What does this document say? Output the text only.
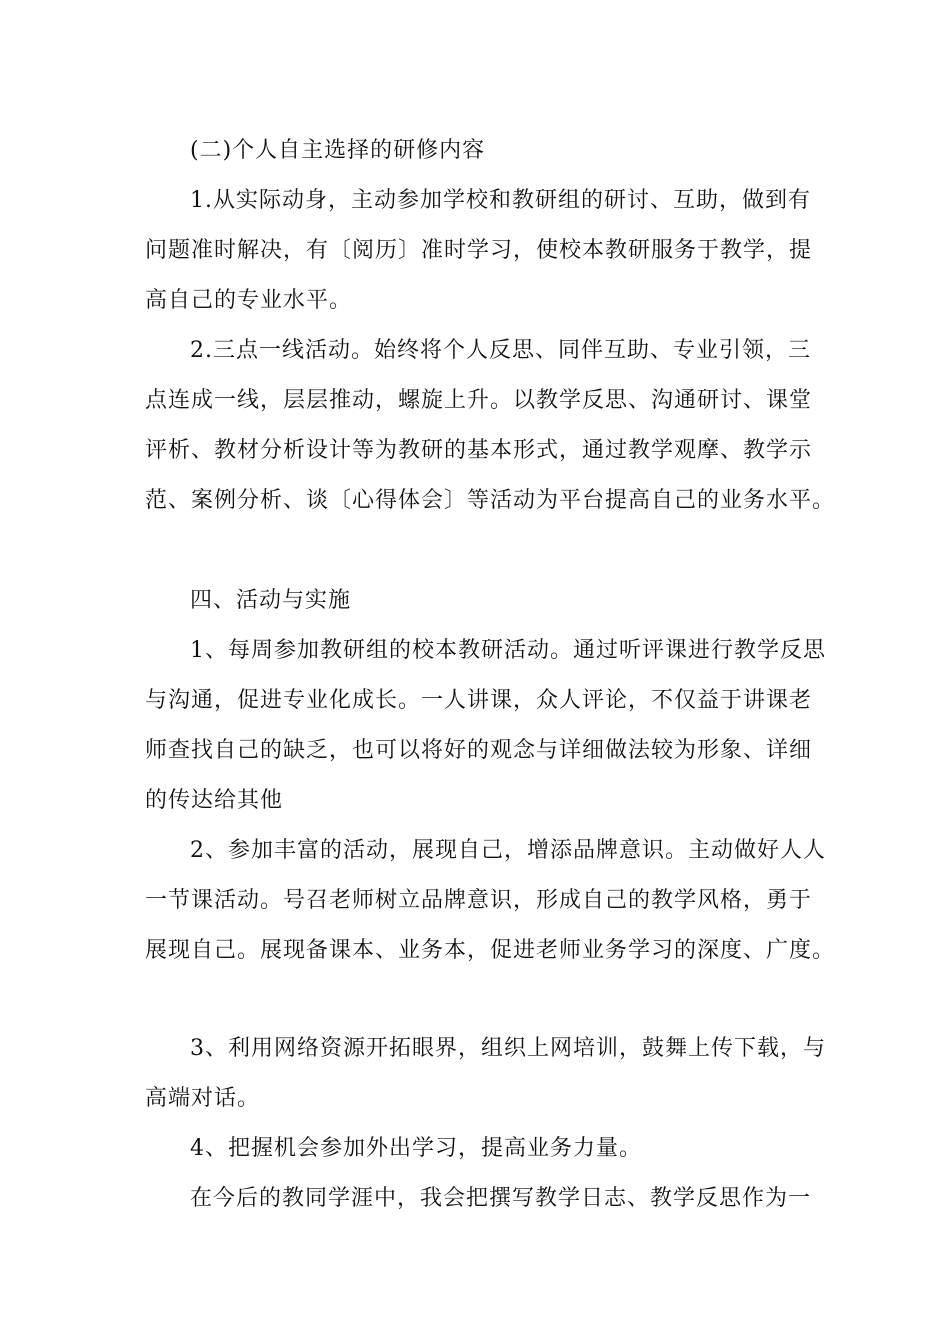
(二)个人自主选择的研修内容
1.从实际动身，主动参加学校和教研组的研讨、互助，做到有
问题准时解决，有〔阅历〕准时学习，使校本教研服务于教学，提
高自己的专业水平。
2.三点一线活动。始终将个人反思、同伴互助、专业引领，三
点连成一线，层层推动，螺旋上升。以教学反思、沟通研讨、课堂
评析、教材分析设计等为教研的基本形式，通过教学观摩、教学示
范、案例分析、谈〔心得体会〕等活动为平台提高自己的业务水平。
四、活动与实施
1、每周参加教研组的校本教研活动。通过听评课进行教学反思
与沟通，促进专业化成长。一人讲课，众人评论，不仅益于讲课老
师查找自己的缺乏，也可以将好的观念与详细做法较为形象、详细
的传达给其他
2、参加丰富的活动，展现自己，增添品牌意识。主动做好人人
一节课活动。号召老师树立品牌意识，形成自己的教学风格，勇于
展现自己。展现备课本、业务本，促进老师业务学习的深度、广度。
3、利用网络资源开拓眼界，组织上网培训，鼓舞上传下载，与
高端对话。
4、把握机会参加外出学习，提高业务力量。
在今后的教同学涯中，我会把撰写教学日志、教学反思作为一
